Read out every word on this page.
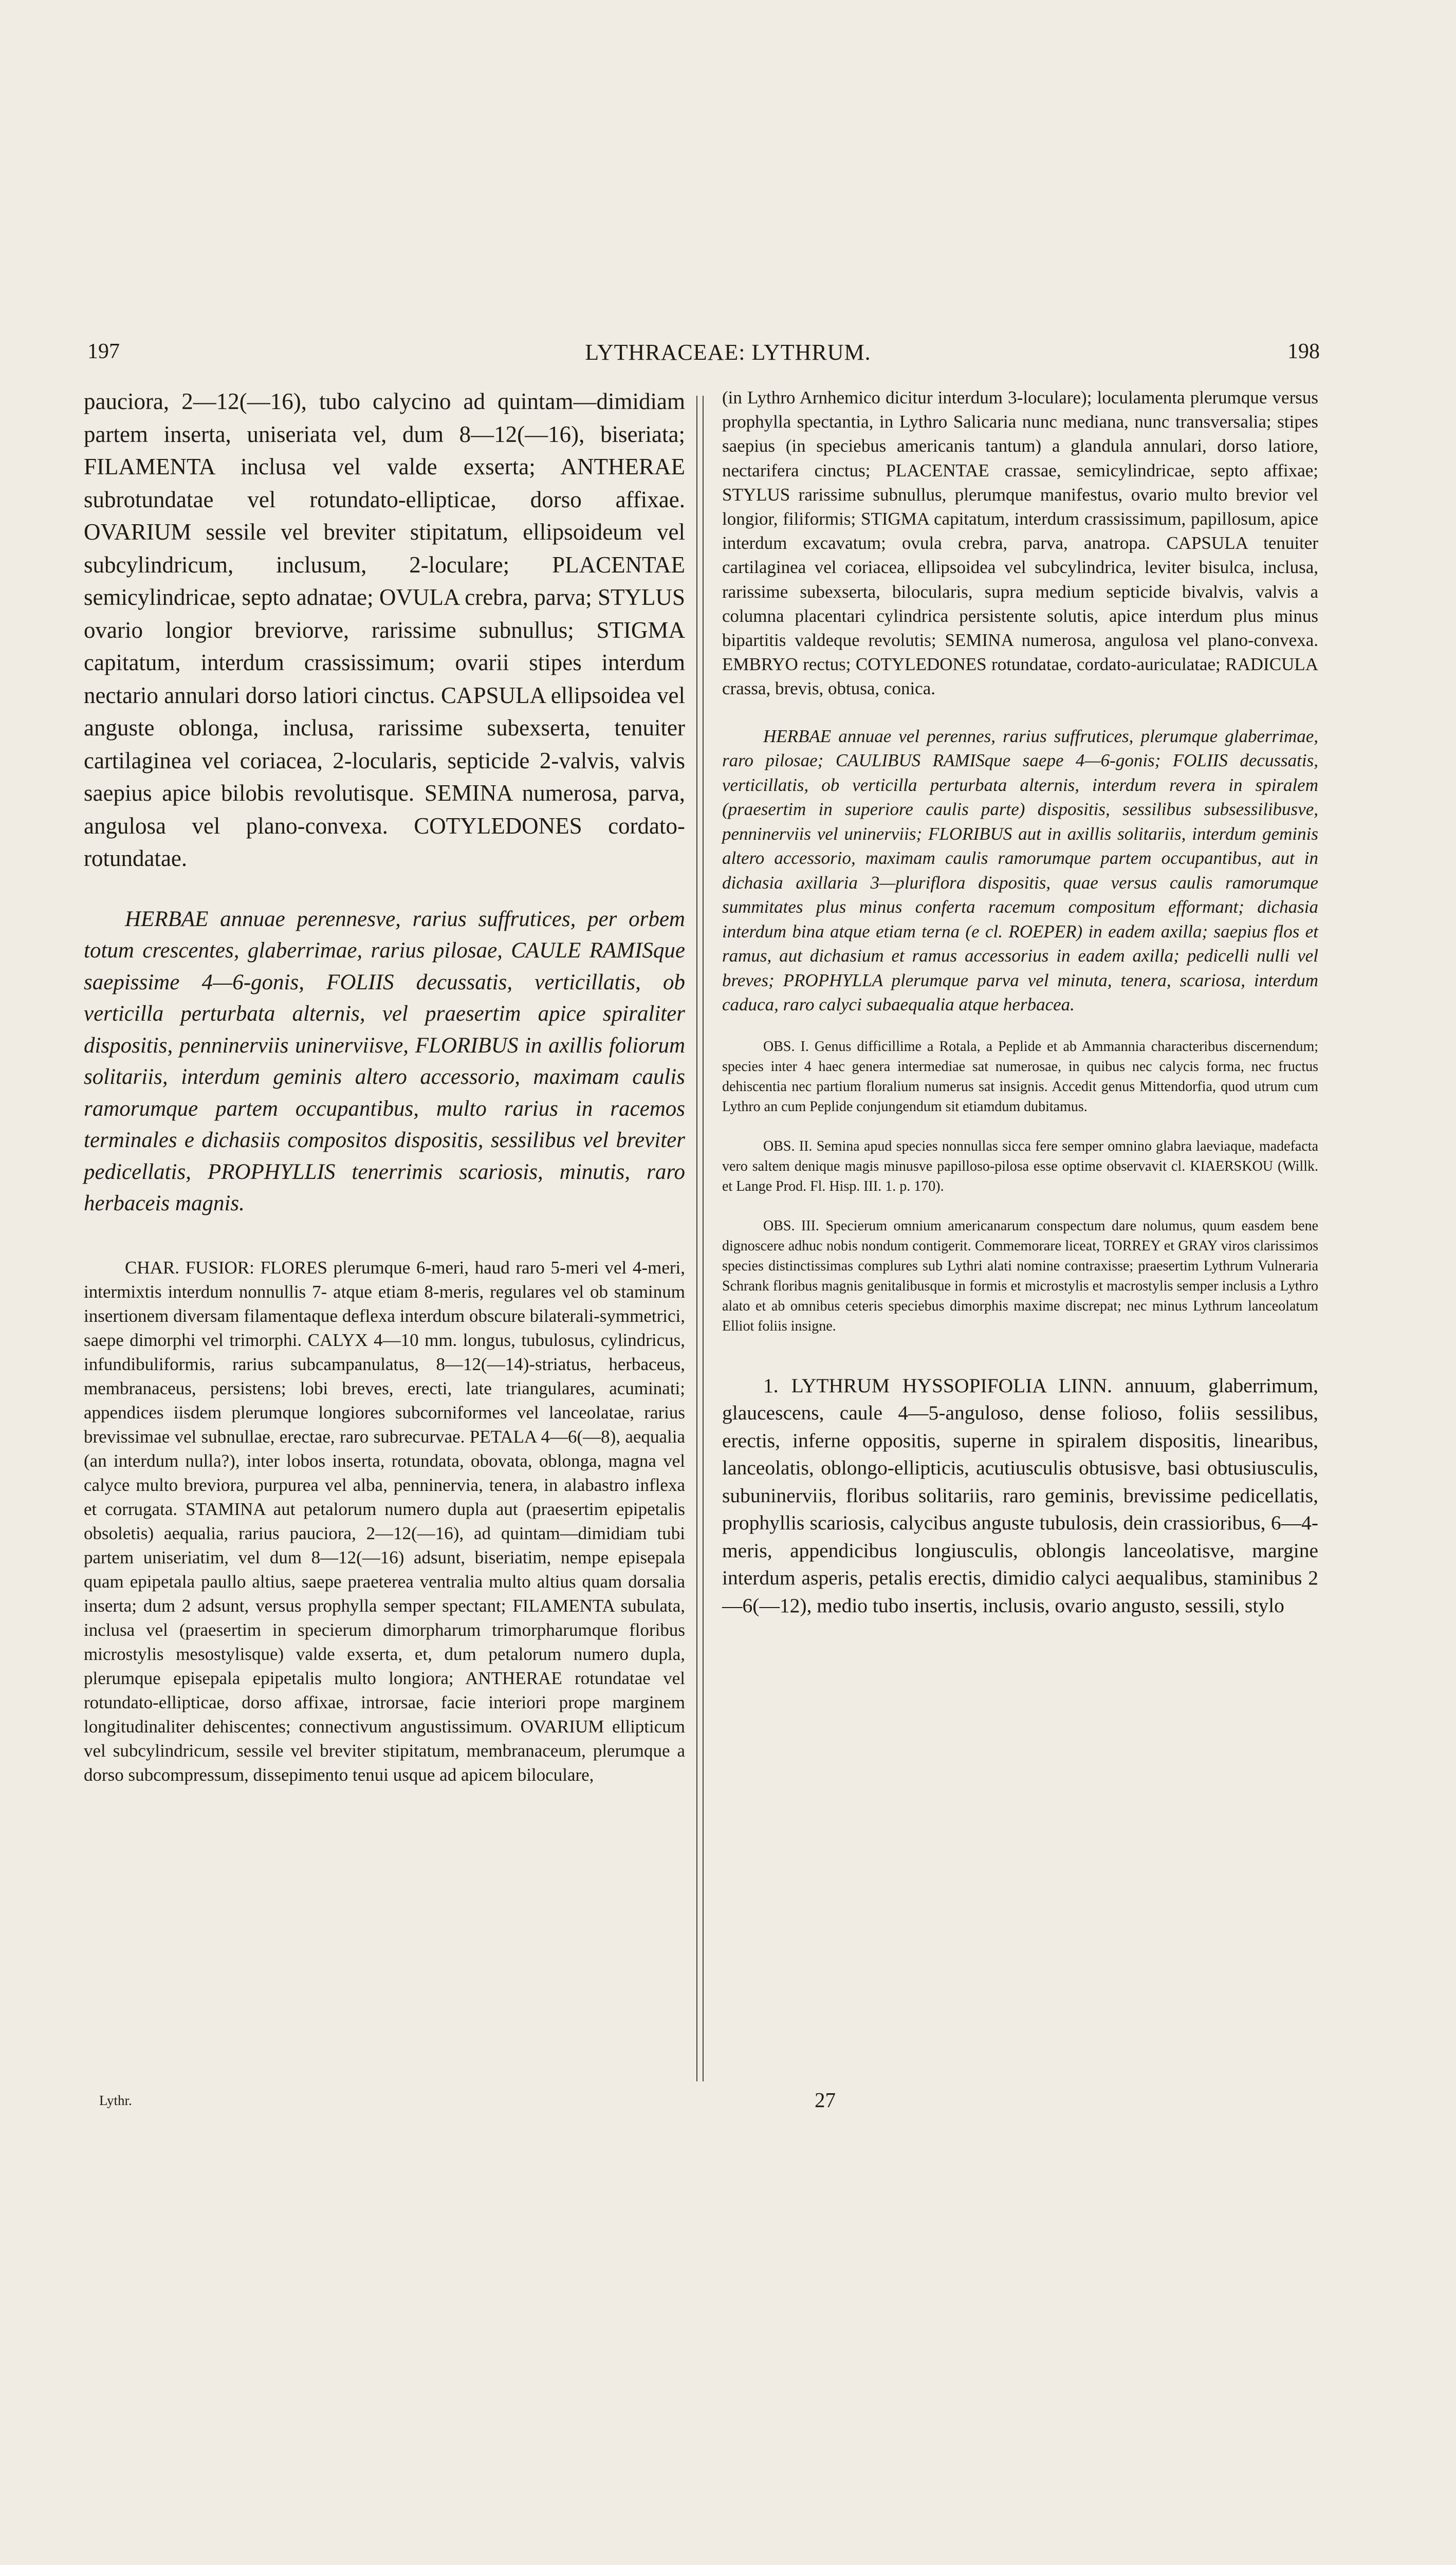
197	LYTHRACEAE: LYTHRUM.	198

pauciora, 2—12(—16), tubo calycino ad quintam—dimidiam partem inserta, uniseriata vel, dum 8—12(—16), biseriata; FILAMENTA inclusa vel valde exserta; ANTHERAE subrotundatae vel rotundato-ellipticae, dorso affixae. OVARIUM sessile vel breviter stipitatum, ellipsoideum vel subcylindricum, inclusum, 2-loculare; PLACENTAE semicylindricae, septo adnatae; OVULA crebra, parva; STYLUS ovario longior breviorve, rarissime subnullus; STIGMA capitatum, interdum crassissimum; ovarii stipes interdum nectario annulari dorso latiori cinctus. CAPSULA ellipsoidea vel anguste oblonga, inclusa, rarissime subexserta, tenuiter cartilaginea vel coriacea, 2-locularis, septicide 2-valvis, valvis saepius apice bilobis revolutisque. SEMINA numerosa, parva, angulosa vel plano-convexa. COTYLEDONES cordato-rotundatae.

HERBAE annuae perennesve, rarius suffrutices, per orbem totum crescentes, glaberrimae, rarius pilosae, CAULE RAMISque saepissime 4—6-gonis, FOLIIS decussatis, verticillatis, ob verticilla perturbata alternis, vel praesertim apice spiraliter dispositis, penninerviis uninerviisve, FLORIBUS in axillis foliorum solitariis, interdum geminis altero accessorio, maximam caulis ramorumque partem occupantibus, multo rarius in racemos terminales e dichasiis compositos dispositis, sessilibus vel breviter pedicellatis, PROPHYLLIS tenerrimis scariosis, minutis, raro herbaceis magnis.

CHAR. FUSIOR: FLORES plerumque 6-meri, haud raro 5-meri vel 4-meri, intermixtis interdum nonnullis 7- atque etiam 8-meris, regulares vel ob staminum insertionem diversam filamentaque deflexa interdum obscure bilaterali-symmetrici, saepe dimorphi vel trimorphi. CALYX 4—10 mm. longus, tubulosus, cylindricus, infundibuliformis, rarius subcampanulatus, 8—12(—14)-striatus, herbaceus, membranaceus, persistens; lobi breves, erecti, late triangulares, acuminati; appendices iisdem plerumque longiores subcorniformes vel lanceolatae, rarius brevissimae vel subnullae, erectae, raro subrecurvae. PETALA 4—6(—8), aequalia (an interdum nulla?), inter lobos inserta, rotundata, obovata, oblonga, magna vel calyce multo breviora, purpurea vel alba, penninervia, tenera, in alabastro inflexa et corrugata. STAMINA aut petalorum numero dupla aut (praesertim epipetalis obsoletis) aequalia, rarius pauciora, 2—12(—16), ad quintam—dimidiam tubi partem uniseriatim, vel dum 8—12(—16) adsunt, biseriatim, nempe episepala quam epipetala paullo altius, saepe praeterea ventralia multo altius quam dorsalia inserta; dum 2 adsunt, versus prophylla semper spectant; FILAMENTA subulata, inclusa vel (praesertim in specierum dimorpharum trimorpharumque floribus microstylis mesostylisque) valde exserta, et, dum petalorum numero dupla, plerumque episepala epipetalis multo longiora; ANTHERAE rotundatae vel rotundato-ellipticae, dorso affixae, introrsae, facie interiori prope marginem longitudinaliter dehiscentes; connectivum angustissimum. OVARIUM ellipticum vel subcylindricum, sessile vel breviter stipitatum, membranaceum, plerumque a dorso subcompressum, dissepimento tenui usque ad apicem biloculare,

(in Lythro Arnhemico dicitur interdum 3-loculare); loculamenta plerumque versus prophylla spectantia, in Lythro Salicaria nunc mediana, nunc transversalia; stipes saepius (in speciebus americanis tantum) a glandula annulari, dorso latiore, nectarifera cinctus; PLACENTAE crassae, semicylindricae, septo affixae; STYLUS rarissime subnullus, plerumque manifestus, ovario multo brevior vel longior, filiformis; STIGMA capitatum, interdum crassissimum, papillosum, apice interdum excavatum; ovula crebra, parva, anatropa. CAPSULA tenuiter cartilaginea vel coriacea, ellipsoidea vel subcylindrica, leviter bisulca, inclusa, rarissime subexserta, bilocularis, supra medium septicide bivalvis, valvis a columna placentari cylindrica persistente solutis, apice interdum plus minus bipartitis valdeque revolutis; SEMINA numerosa, angulosa vel plano-convexa. EMBRYO rectus; COTYLEDONES rotundatae, cordato-auriculatae; RADICULA crassa, brevis, obtusa, conica.

HERBAE annuae vel perennes, rarius suffrutices, plerumque glaberrimae, raro pilosae; CAULIBUS RAMISque saepe 4—6-gonis; FOLIIS decussatis, verticillatis, ob verticilla perturbata alternis, interdum revera in spiralem (praesertim in superiore caulis parte) dispositis, sessilibus subsessilibusve, penninerviis vel uninerviis; FLORIBUS aut in axillis solitariis, interdum geminis altero accessorio, maximam caulis ramorumque partem occupantibus, aut in dichasia axillaria 3—pluriflora dispositis, quae versus caulis ramorumque summitates plus minus conferta racemum compositum efformant; dichasia interdum bina atque etiam terna (e cl. ROEPER) in eadem axilla; saepius flos et ramus, aut dichasium et ramus accessorius in eadem axilla; pedicelli nulli vel breves; PROPHYLLA plerumque parva vel minuta, tenera, scariosa, interdum caduca, raro calyci subaequalia atque herbacea.

OBS. I. Genus difficillime a Rotala, a Peplide et ab Ammannia characteribus discernendum; species inter 4 haec genera intermediae sat numerosae, in quibus nec calycis forma, nec fructus dehiscentia nec partium floralium numerus sat insignis. Accedit genus Mittendorfia, quod utrum cum Lythro an cum Peplide conjungendum sit etiamdum dubitamus.

OBS. II. Semina apud species nonnullas sicca fere semper omnino glabra laeviaque, madefacta vero saltem denique magis minusve papilloso-pilosa esse optime observavit cl. KIAERSKOU (Willk. et Lange Prod. Fl. Hisp. III. 1. p. 170).

OBS. III. Specierum omnium americanarum conspectum dare nolumus, quum easdem bene dignoscere adhuc nobis nondum contigerit. Commemorare liceat, TORREY et GRAY viros clarissimos species distinctissimas complures sub Lythri alati nomine contraxisse; praesertim Lythrum Vulneraria Schrank floribus magnis genitalibusque in formis et microstylis et macrostylis semper inclusis a Lythro alato et ab omnibus ceteris speciebus dimorphis maxime discrepat; nec minus Lythrum lanceolatum Elliot foliis insigne.

1. LYTHRUM HYSSOPIFOLIA LINN. annuum, glaberrimum, glaucescens, caule 4—5-anguloso, dense folioso, foliis sessilibus, erectis, inferne oppositis, superne in spiralem dispositis, linearibus, lanceolatis, oblongo-ellipticis, acutiusculis obtusisve, basi obtusiusculis, subuninerviis, floribus solitariis, raro geminis, brevissime pedicellatis, prophyllis scariosis, calycibus anguste tubulosis, dein crassioribus, 6—4-meris, appendicibus longiusculis, oblongis lanceolatisve, margine interdum asperis, petalis erectis, dimidio calyci aequalibus, staminibus 2—6(—12), medio tubo insertis, inclusis, ovario angusto, sessili, stylo

Lythr.	27
